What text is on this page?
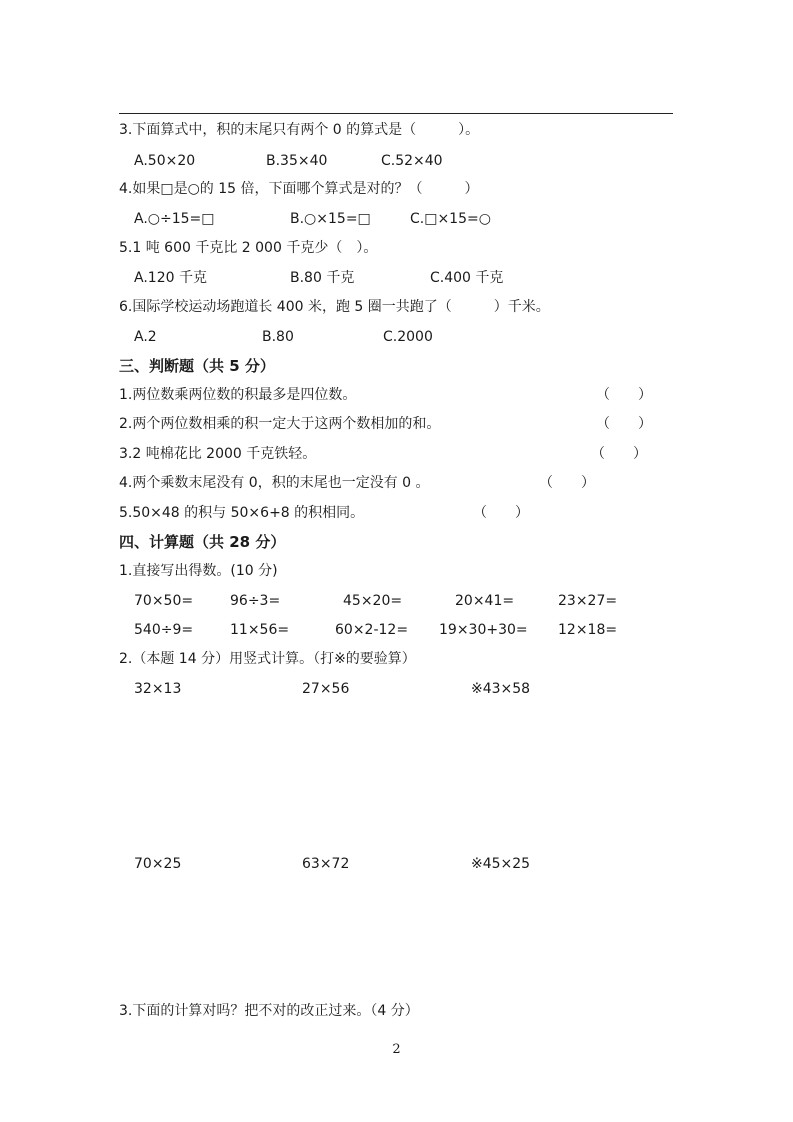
3.下面算式中，积的末尾只有两个 0 的算式是（　　　）。
A.50×20	B.35×40	C.52×40
4.如果□是○的 15 倍，下面哪个算式是对的？（　　　）
A.○÷15=□	B.○×15=□	C.□×15=○
5.1 吨 600 千克比 2 000 千克少（　）。
A.120 千克	B.80 千克	C.400 千克
6.国际学校运动场跑道长 400 米，跑 5 圈一共跑了（　　　）千米。
A.2	B.80	C.2000
三、判断题（共 5 分）
1.两位数乘两位数的积最多是四位数。	（　　）
2.两个两位数相乘的积一定大于这两个数相加的和。	（　　）
3.2 吨棉花比 2000 千克铁轻。	（　　）
4.两个乘数末尾没有 0，积的末尾也一定没有 0 。	（　　）
5.50×48 的积与 50×6+8 的积相同。	（　　）
四、计算题（共 28 分）
1.直接写出得数。(10 分)
70×50=	96÷3=	45×20=	20×41=	23×27=
540÷9=	11×56=	60×2-12= 19×30+30= 12×18=
2.（本题 14 分）用竖式计算。（打※的要验算）
32×13	27×56	※43×58
70×25	63×72	※45×25
3.下面的计算对吗？把不对的改正过来。（4 分）
2
